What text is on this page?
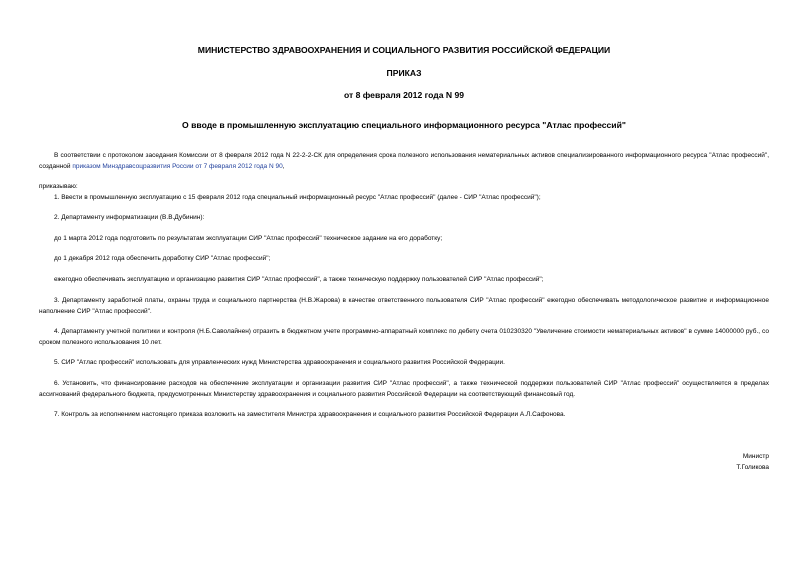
МИНИСТЕРСТВО ЗДРАВООХРАНЕНИЯ И СОЦИАЛЬНОГО РАЗВИТИЯ РОССИЙСКОЙ ФЕДЕРАЦИИ
ПРИКАЗ
от 8 февраля 2012 года N 99
О вводе в промышленную эксплуатацию специального информационного ресурса "Атлас профессий"
В соответствии с протоколом заседания Комиссии от 8 февраля 2012 года N 22-2-2-СК для определения срока полезного использования нематериальных активов специализированного информационного ресурса "Атлас профессий", созданной приказом Минздравсоцразвития России от 7 февраля 2012 года N 90,
приказываю:
1. Ввести в промышленную эксплуатацию с 15 февраля 2012 года специальный информационный ресурс "Атлас профессий" (далее - СИР "Атлас профессий");
2. Департаменту информатизации (В.В.Дубинин):
до 1 марта 2012 года подготовить по результатам эксплуатации СИР "Атлас профессий" техническое задание на его доработку;
до 1 декабря 2012 года обеспечить доработку СИР "Атлас профессий";
ежегодно обеспечивать эксплуатацию и организацию развития СИР "Атлас профессий", а также техническую поддержку пользователей СИР "Атлас профессий";
3. Департаменту заработной платы, охраны труда и социального партнерства (Н.В.Жарова) в качестве ответственного пользователя СИР "Атлас профессий" ежегодно обеспечивать методологическое развитие и информационное наполнение СИР "Атлас профессий".
4. Департаменту учетной политики и контроля (Н.Б.Саволайнен) отразить в бюджетном учете программно-аппаратный комплекс по дебету счета 010230320 "Увеличение стоимости нематериальных активов" в сумме 14000000 руб., со сроком полезного использования 10 лет.
5. СИР "Атлас профессий" использовать для управленческих нужд Министерства здравоохранения и социального развития Российской Федерации.
6. Установить, что финансирование расходов на обеспечение эксплуатации и организации развития СИР "Атлас профессий", а также технической поддержки пользователей СИР "Атлас профессий" осуществляется в пределах ассигнований федерального бюджета, предусмотренных Министерству здравоохранения и социального развития Российской Федерации на соответствующий финансовый год.
7. Контроль за исполнением настоящего приказа возложить на заместителя Министра здравоохранения и социального развития Российской Федерации А.Л.Сафонова.
Министр
Т.Голикова
